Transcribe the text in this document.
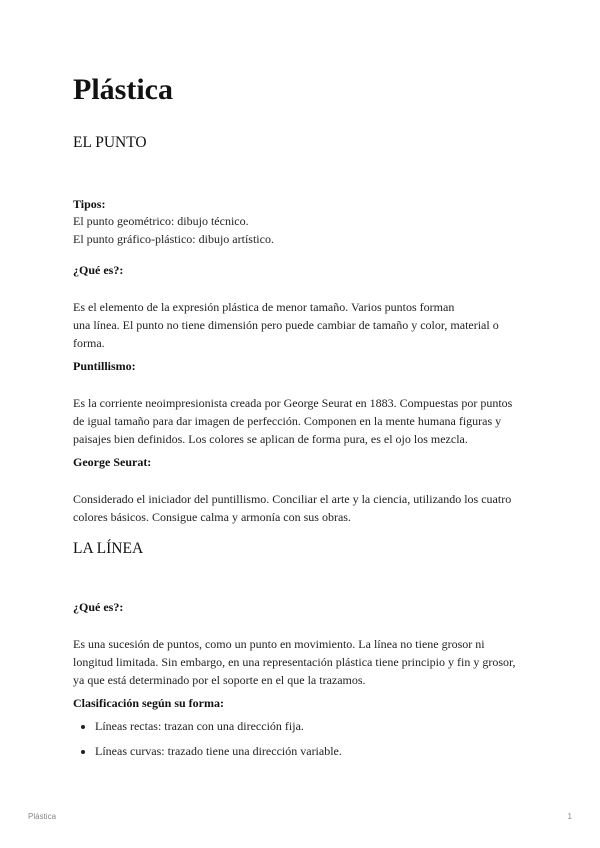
Plástica
EL PUNTO

Tipos:

El punto geométrico: dibujo técnico.
El punto gráfico-plástico: dibujo artístico.

¿Qué es?:

Es el elemento de la expresión plástica de menor tamaño. Varios puntos forman
una línea. El punto no tiene dimensión pero puede cambiar de tamaño y color, material o
forma.

Puntillismo:

Es la corriente neoimpresionista creada por George Seurat en 1883. Compuestas por puntos
de igual tamaño para dar imagen de perfección. Componen en la mente humana figuras y
paisajes bien definidos. Los colores se aplican de forma pura, es el ojo los mezcla.

George Seurat:

Considerado el iniciador del puntillismo. Conciliar el arte y la ciencia, utilizando los cuatro
colores básicos. Consigue calma y armonía con sus obras.

LA LÍNEA

¿Qué es?:

Es una sucesión de puntos, como un punto en movimiento. La línea no tiene grosor ni
longitud limitada. Sin embargo, en una representación plástica tiene principio y fin y grosor,
ya que está determinado por el soporte en el que la trazamos.

Clasificación según su forma:

• Líneas rectas: trazan con una dirección fija.
• Líneas curvas: trazado tiene una dirección variable.
Plástica	1
